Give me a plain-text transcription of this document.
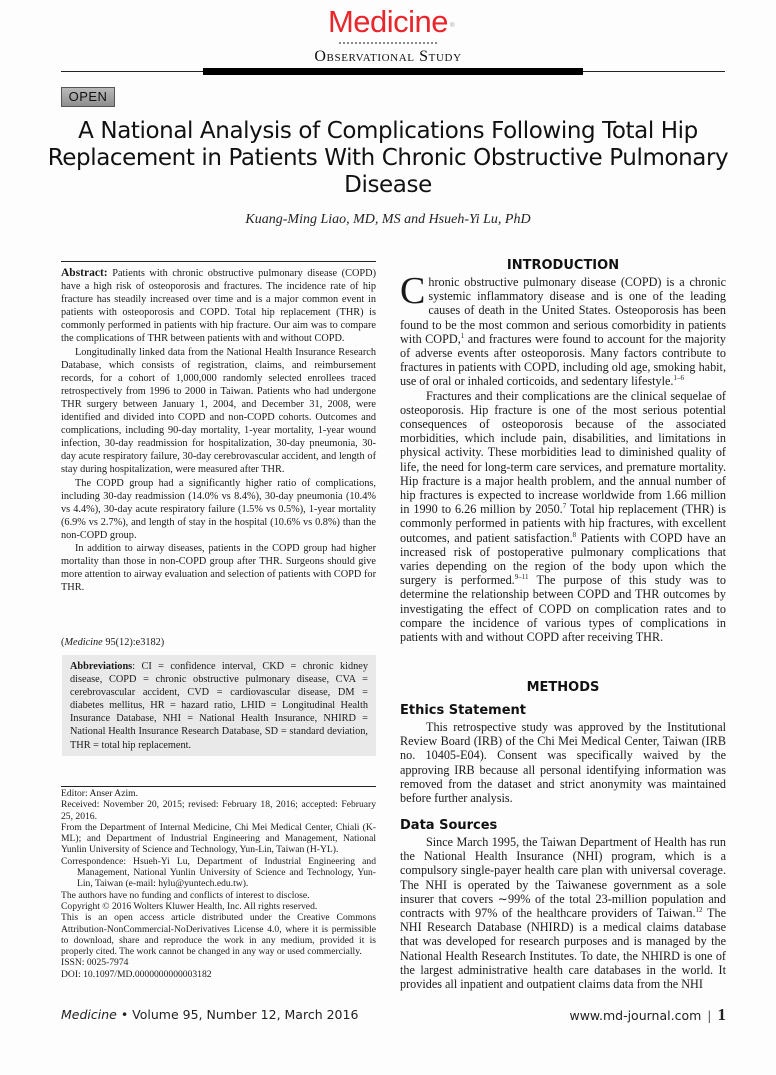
Medicine ®
Observational Study
OPEN
A National Analysis of Complications Following Total Hip Replacement in Patients With Chronic Obstructive Pulmonary Disease
Kuang-Ming Liao, MD, MS and Hsueh-Yi Lu, PhD

Abstract: Patients with chronic obstructive pulmonary disease (COPD) have a high risk of osteoporosis and fractures. The incidence rate of hip fracture has steadily increased over time and is a major common event in patients with osteoporosis and COPD. Total hip replacement (THR) is commonly performed in patients with hip fracture. Our aim was to compare the complications of THR between patients with and without COPD.

Longitudinally linked data from the National Health Insurance Research Database, which consists of registration, claims, and reimbursement records, for a cohort of 1,000,000 randomly selected enrollees traced retrospectively from 1996 to 2000 in Taiwan. Patients who had undergone THR surgery between January 1, 2004, and December 31, 2008, were identified and divided into COPD and non-COPD cohorts. Outcomes and complications, including 90-day mortality, 1-year mortality, 1-year wound infection, 30-day readmission for hospitalization, 30-day pneumonia, 30-day acute respiratory failure, 30-day cerebrovascular accident, and length of stay during hospitalization, were measured after THR.

The COPD group had a significantly higher ratio of complications, including 30-day readmission (14.0% vs 8.4%), 30-day pneumonia (10.4% vs 4.4%), 30-day acute respiratory failure (1.5% vs 0.5%), 1-year mortality (6.9% vs 2.7%), and length of stay in the hospital (10.6% vs 0.8%) than the non-COPD group.

In addition to airway diseases, patients in the COPD group had higher mortality than those in non-COPD group after THR. Surgeons should give more attention to airway evaluation and selection of patients with COPD for THR.

(Medicine 95(12):e3182)
Abbreviations: CI = confidence interval, CKD = chronic kidney disease, COPD = chronic obstructive pulmonary disease, CVA = cerebrovascular accident, CVD = cardiovascular disease, DM = diabetes mellitus, HR = hazard ratio, LHID = Longitudinal Health Insurance Database, NHI = National Health Insurance, NHIRD = National Health Insurance Research Database, SD = standard deviation, THR = total hip replacement.

Editor: Anser Azim.

Received: November 20, 2015; revised: February 18, 2016; accepted: February 25, 2016.

From the Department of Internal Medicine, Chi Mei Medical Center, Chiali (K-ML); and Department of Industrial Engineering and Management, National Yunlin University of Science and Technology, Yun-Lin, Taiwan (H-YL).

Correspondence: Hsueh-Yi Lu, Department of Industrial Engineering and Management, National Yunlin University of Science and Technology, Yun-Lin, Taiwan (e-mail: hylu@yuntech.edu.tw).

The authors have no funding and conflicts of interest to disclose.

Copyright © 2016 Wolters Kluwer Health, Inc. All rights reserved.

This is an open access article distributed under the Creative Commons Attribution-NonCommercial-NoDerivatives License 4.0, where it is permissible to download, share and reproduce the work in any medium, provided it is properly cited. The work cannot be changed in any way or used commercially.

ISSN: 0025-7974

DOI: 10.1097/MD.0000000000003182

INTRODUCTION

Chronic obstructive pulmonary disease (COPD) is a chronic systemic inflammatory disease and is one of the leading causes of death in the United States. Osteoporosis has been found to be the most common and serious comorbidity in patients with COPD,$^1$ and fractures were found to account for the majority of adverse events after osteoporosis. Many factors contribute to fractures in patients with COPD, including old age, smoking habit, use of oral or inhaled corticoids, and sedentary lifestyle.$^{1-6}$

Fractures and their complications are the clinical sequelae of osteoporosis. Hip fracture is one of the most serious potential consequences of osteoporosis because of the associated morbidities, which include pain, disabilities, and limitations in physical activity. These morbidities lead to diminished quality of life, the need for long-term care services, and premature mortality. Hip fracture is a major health problem, and the annual number of hip fractures is expected to increase worldwide from 1.66 million in 1990 to 6.26 million by 2050.$^7$ Total hip replacement (THR) is commonly performed in patients with hip fractures, with excellent outcomes, and patient satisfaction.$^8$ Patients with COPD have an increased risk of postoperative pulmonary complications that varies depending on the region of the body upon which the surgery is performed.$^{9-11}$ The purpose of this study was to determine the relationship between COPD and THR outcomes by investigating the effect of COPD on complication rates and to compare the incidence of various types of complications in patients with and without COPD after receiving THR.

METHODS
Ethics Statement

This retrospective study was approved by the Institutional Review Board (IRB) of the Chi Mei Medical Center, Taiwan (IRB no. 10405-E04). Consent was specifically waived by the approving IRB because all personal identifying information was removed from the dataset and strict anonymity was maintained before further analysis.

Data Sources

Since March 1995, the Taiwan Department of Health has run the National Health Insurance (NHI) program, which is a compulsory single-payer health care plan with universal coverage. The NHI is operated by the Taiwanese government as a sole insurer that covers ∼99% of the total 23-million population and contracts with 97% of the healthcare providers of Taiwan.$^{12}$ The NHI Research Database (NHIRD) is a medical claims database that was developed for research purposes and is managed by the National Health Research Institutes. To date, the NHIRD is one of the largest administrative health care databases in the world. It provides all inpatient and outpatient claims data from the NHI

Medicine • Volume 95, Number 12, March 2016	www.md-journal.com | 1
